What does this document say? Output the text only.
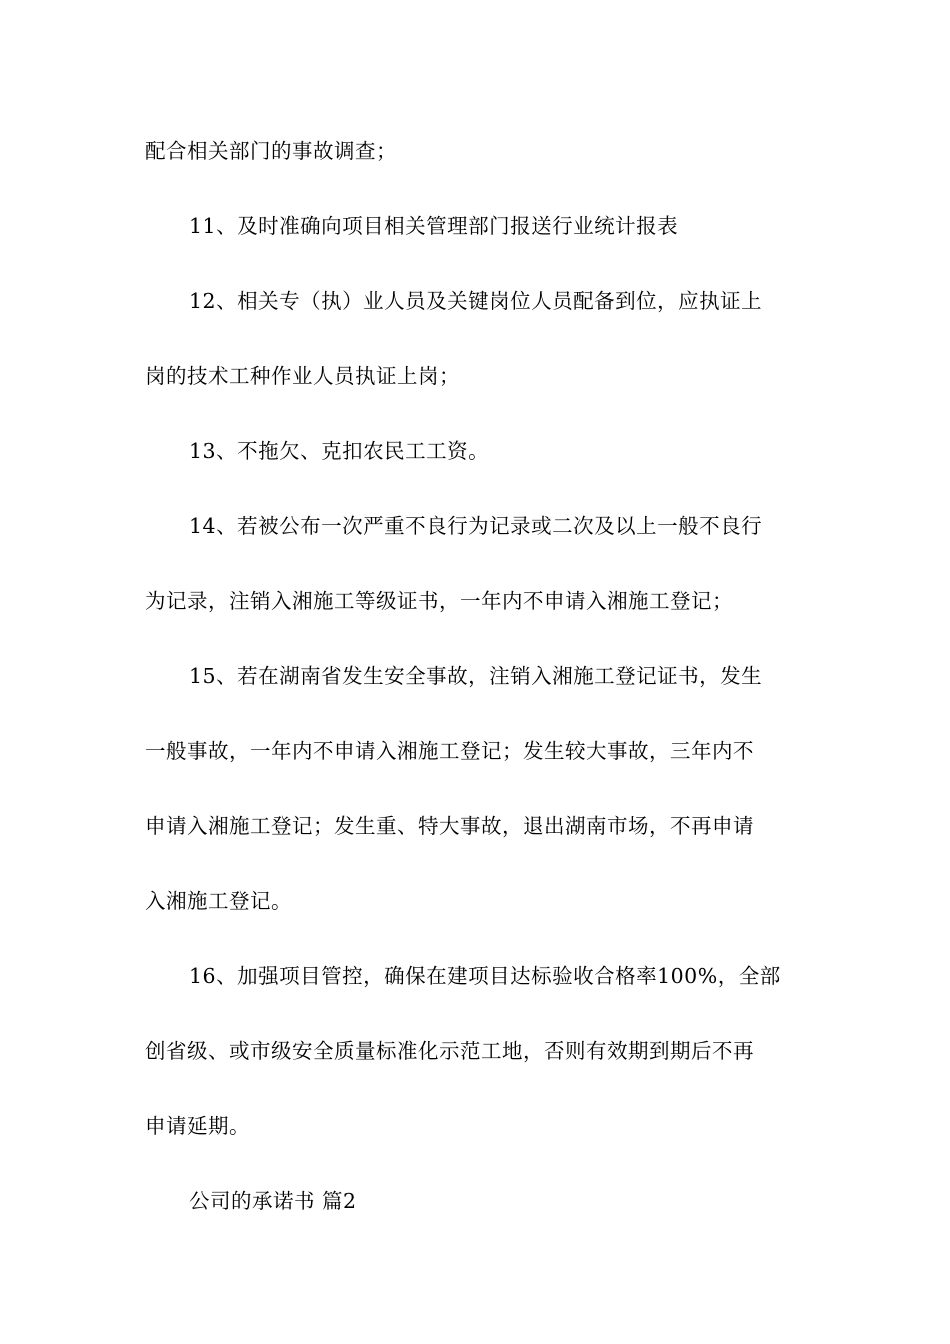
配合相关部门的事故调查；
11、及时准确向项目相关管理部门报送行业统计报表
12、相关专（执）业人员及关键岗位人员配备到位，应执证上
岗的技术工种作业人员执证上岗；
13、不拖欠、克扣农民工工资。
14、若被公布一次严重不良行为记录或二次及以上一般不良行
为记录，注销入湘施工等级证书，一年内不申请入湘施工登记；
15、若在湖南省发生安全事故，注销入湘施工登记证书，发生
一般事故，一年内不申请入湘施工登记；发生较大事故，三年内不
申请入湘施工登记；发生重、特大事故，退出湖南市场，不再申请
入湘施工登记。
16、加强项目管控，确保在建项目达标验收合格率100%，全部
创省级、或市级安全质量标准化示范工地，否则有效期到期后不再
申请延期。
公司的承诺书 篇2
